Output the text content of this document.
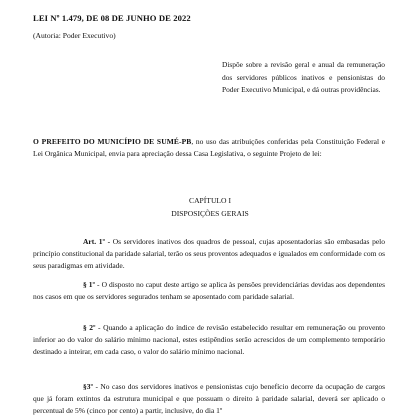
LEI Nº 1.479, DE 08 DE JUNHO DE 2022
(Autoria: Poder Executivo)
Dispõe sobre a revisão geral e anual da remuneração dos servidores públicos inativos e pensionistas do Poder Executivo Municipal, e dá outras providências.
O PREFEITO DO MUNICÍPIO DE SUMÉ-PB, no uso das atribuições conferidas pela Constituição Federal e Lei Orgânica Municipal, envia para apreciação dessa Casa Legislativa, o seguinte Projeto de lei:
CAPÍTULO I
DISPOSIÇÕES GERAIS
Art. 1º - Os servidores inativos dos quadros de pessoal, cujas aposentadorias são embasadas pelo princípio constitucional da paridade salarial, terão os seus proventos adequados e igualados em conformidade com os seus paradigmas em atividade.
§ 1º - O disposto no caput deste artigo se aplica às pensões previdenciárias devidas aos dependentes nos casos em que os servidores segurados tenham se aposentado com paridade salarial.
§ 2º - Quando a aplicação do índice de revisão estabelecido resultar em remuneração ou provento inferior ao do valor do salário mínimo nacional, estes estipêndios serão acrescidos de um complemento temporário destinado a inteirar, em cada caso, o valor do salário mínimo nacional.
§3º - No caso dos servidores inativos e pensionistas cujo benefício decorre da ocupação de cargos que já foram extintos da estrutura municipal e que possuam o direito à paridade salarial, deverá ser aplicado o percentual de 5% (cinco por cento) a partir, inclusive, do dia 1º
